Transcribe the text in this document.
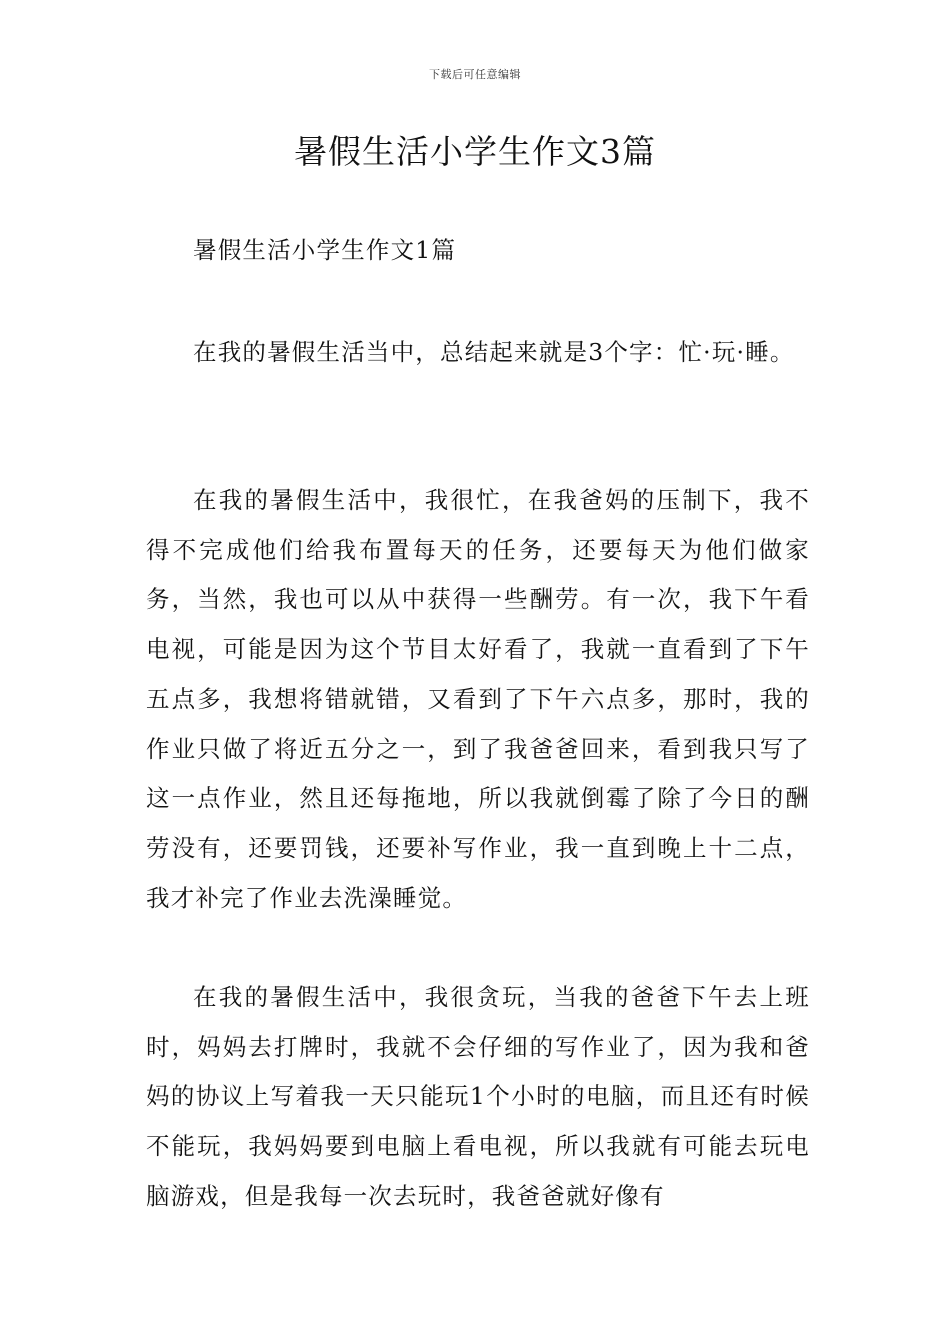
下载后可任意编辑
暑假生活小学生作文3篇

暑假生活小学生作文1篇

在我的暑假生活当中，总结起来就是3个字：忙·玩·睡。

在我的暑假生活中，我很忙，在我爸妈的压制下，我不得不完成他们给我布置每天的任务，还要每天为他们做家务，当然，我也可以从中获得一些酬劳。有一次，我下午看电视，可能是因为这个节目太好看了，我就一直看到了下午五点多，我想将错就错，又看到了下午六点多，那时，我的作业只做了将近五分之一，到了我爸爸回来，看到我只写了这一点作业，然且还每拖地，所以我就倒霉了除了今日的酬劳没有，还要罚钱，还要补写作业，我一直到晚上十二点，我才补完了作业去洗澡睡觉。

在我的暑假生活中，我很贪玩，当我的爸爸下午去上班时，妈妈去打牌时，我就不会仔细的写作业了，因为我和爸妈的协议上写着我一天只能玩1个小时的电脑，而且还有时候不能玩，我妈妈要到电脑上看电视，所以我就有可能去玩电脑游戏，但是我每一次去玩时，我爸爸就好像有
